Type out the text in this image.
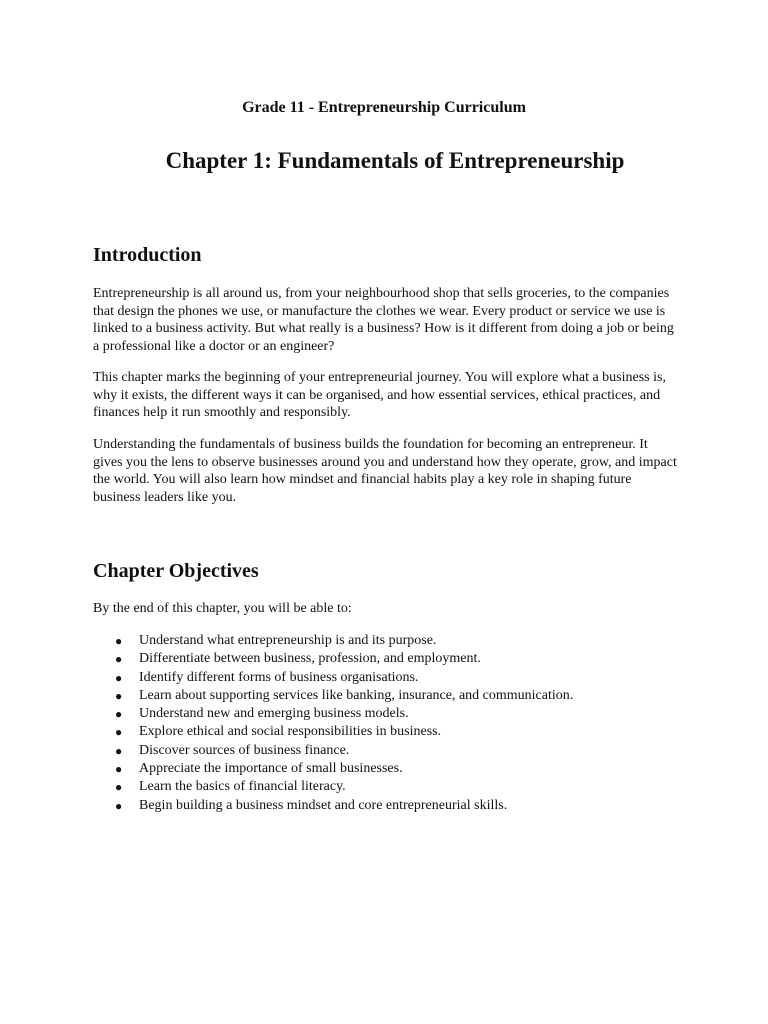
Grade 11 - Entrepreneurship Curriculum
Chapter 1: Fundamentals of Entrepreneurship
Introduction

Entrepreneurship is all around us, from your neighbourhood shop that sells groceries, to the companies that design the phones we use, or manufacture the clothes we wear. Every product or service we use is linked to a business activity. But what really is a business? How is it different from doing a job or being a professional like a doctor or an engineer?

This chapter marks the beginning of your entrepreneurial journey. You will explore what a business is, why it exists, the different ways it can be organised, and how essential services, ethical practices, and finances help it run smoothly and responsibly.

Understanding the fundamentals of business builds the foundation for becoming an entrepreneur. It gives you the lens to observe businesses around you and understand how they operate, grow, and impact the world. You will also learn how mindset and financial habits play a key role in shaping future business leaders like you.

Chapter Objectives

By the end of this chapter, you will be able to:

● Understand what entrepreneurship is and its purpose.
● Differentiate between business, profession, and employment.
● Identify different forms of business organisations.
● Learn about supporting services like banking, insurance, and communication.
● Understand new and emerging business models.
● Explore ethical and social responsibilities in business.
● Discover sources of business finance.
● Appreciate the importance of small businesses.
● Learn the basics of financial literacy.
● Begin building a business mindset and core entrepreneurial skills.
